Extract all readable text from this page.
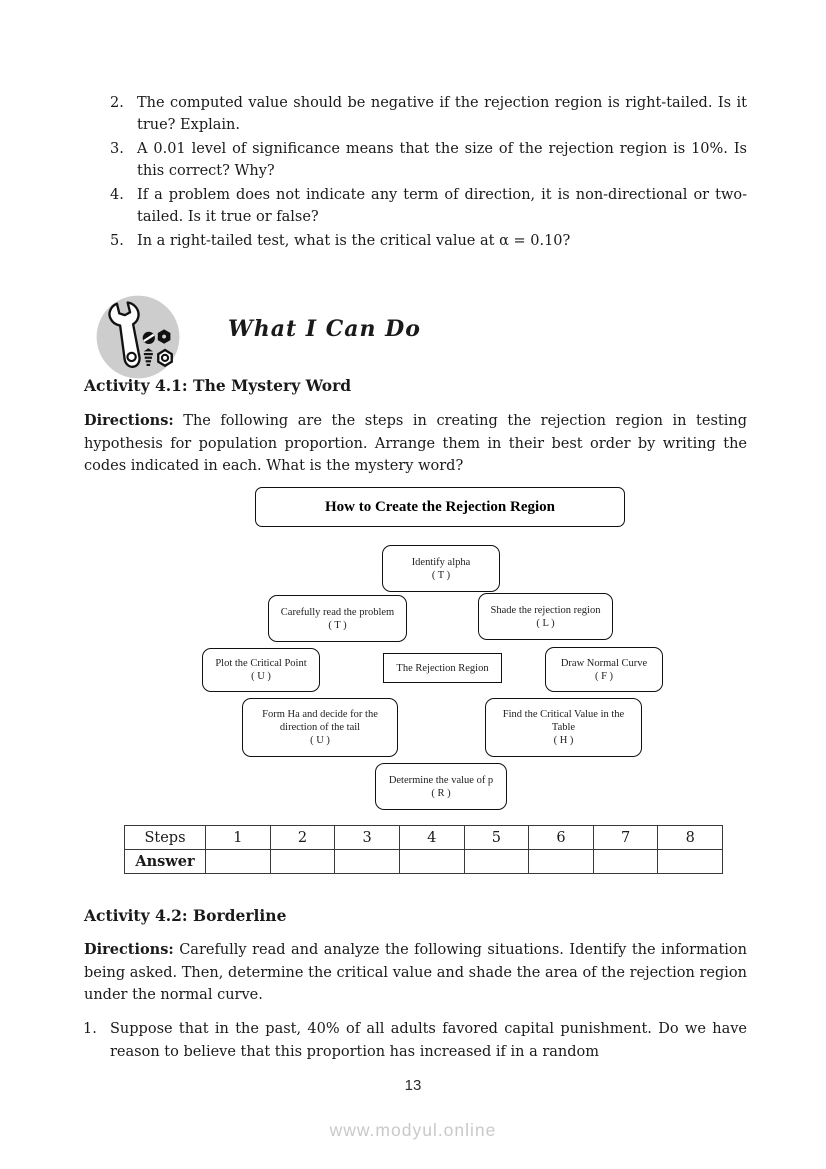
2. The computed value should be negative if the rejection region is right-tailed. Is it true? Explain.
3. A 0.01 level of significance means that the size of the rejection region is 10%. Is this correct? Why?
4. If a problem does not indicate any term of direction, it is non-directional or two-tailed. Is it true or false?
5. In a right-tailed test, what is the critical value at α = 0.10?
What I Can Do
Activity 4.1: The Mystery Word
Directions: The following are the steps in creating the rejection region in testing hypothesis for population proportion. Arrange them in their best order by writing the codes indicated in each. What is the mystery word?
How to Create the Rejection Region
Identify alpha
( T )
Carefully read the problem
( T )
Shade the rejection region
( L )
Plot the Critical Point
( U )
The Rejection Region	Draw Normal Curve
( F )
Form Ha and decide for the direction of the tail
( U )
Find the Critical Value in the Table
( H )
Determine the value of p
( R )
Steps	1	2	3	4	5	6	7	8
Answer								
Activity 4.2: Borderline
Directions: Carefully read and analyze the following situations. Identify the information being asked. Then, determine the critical value and shade the area of the rejection region under the normal curve.
1. Suppose that in the past, 40% of all adults favored capital punishment. Do we have reason to believe that this proportion has increased if in a random
13
www.modyul.online
